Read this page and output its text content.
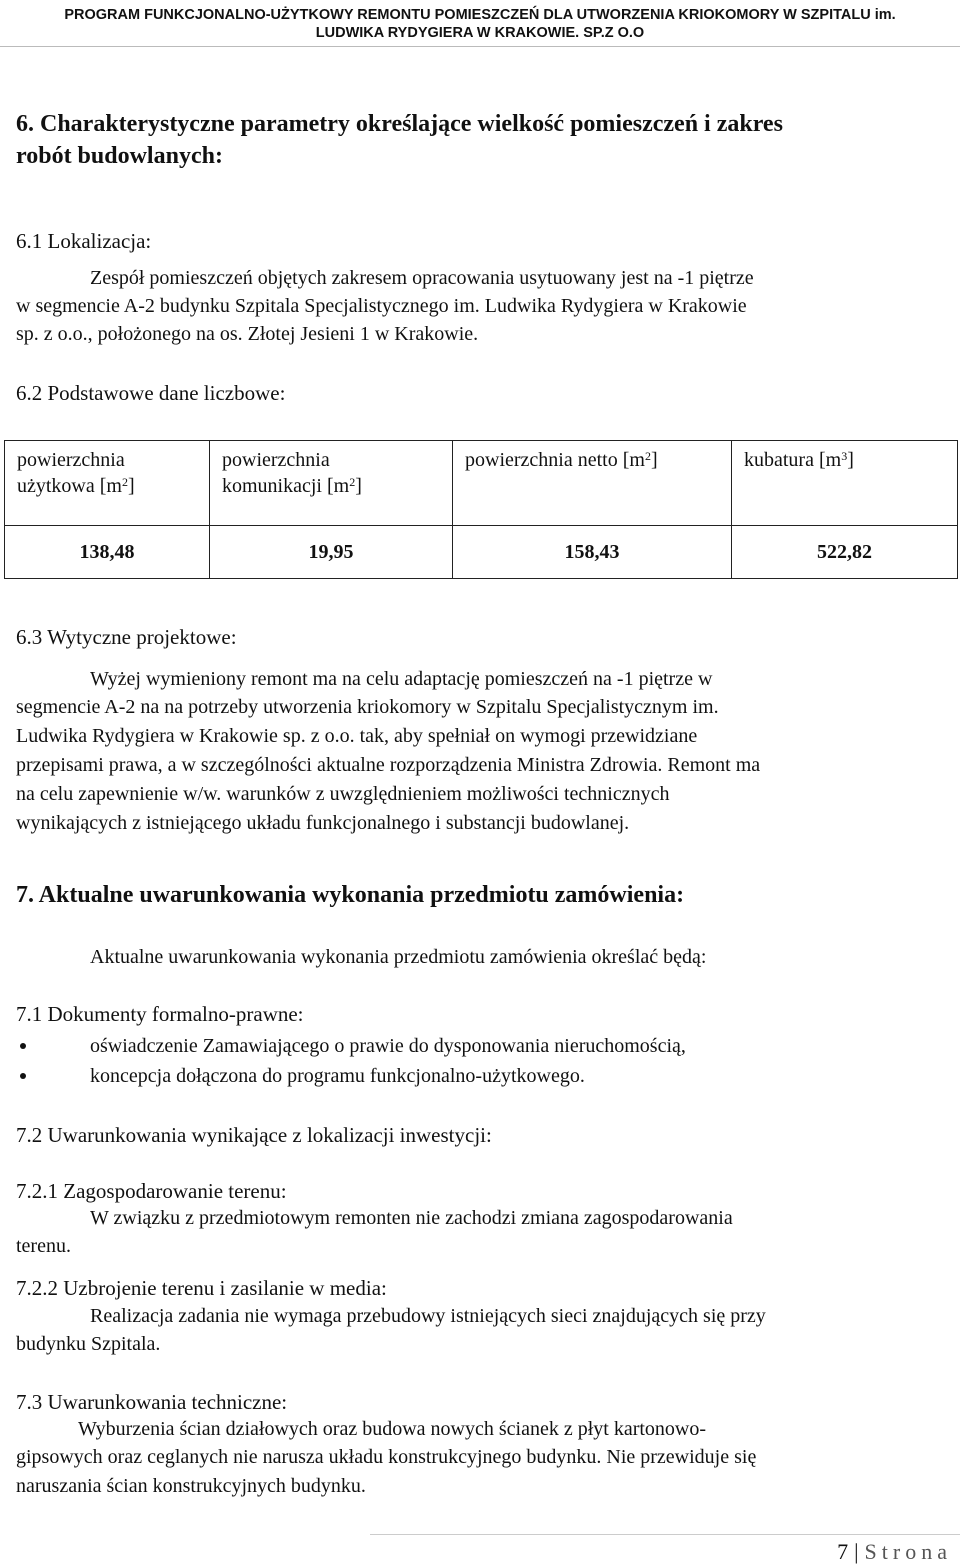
PROGRAM FUNKCJONALNO-UŻYTKOWY REMONTU POMIESZCZEŃ DLA UTWORZENIA KRIOKOMORY W SZPITALU im.
LUDWIKA RYDYGIERA W KRAKOWIE. SP.Z O.O
6. Charakterystyczne parametry określające wielkość pomieszczeń i zakres
robót budowlanych:
6.1 Lokalizacja:
Zespół pomieszczeń objętych zakresem opracowania usytuowany jest na -1 piętrze
w segmencie A-2 budynku Szpitala Specjalistycznego im. Ludwika Rydygiera w Krakowie
sp. z o.o., położonego na os. Złotej Jesieni 1 w Krakowie.
6.2 Podstawowe dane liczbowe:
powierzchnia
użytkowa $[m^2]$	powierzchnia
komunikacji $[m^2]$	powierzchnia netto $[m^2]$	kubatura $[m^3]$
138,48	19,95	158,43	522,82
6.3 Wytyczne projektowe:
Wyżej wymieniony remont ma na celu adaptację pomieszczeń na -1 piętrze w
segmencie A-2 na na potrzeby utworzenia kriokomory w Szpitalu Specjalistycznym im.
Ludwika Rydygiera w Krakowie sp. z o.o. tak, aby spełniał on wymogi przewidziane
przepisami prawa, a w szczególności aktualne rozporządzenia Ministra Zdrowia. Remont ma
na celu zapewnienie w/w. warunków z uwzględnieniem możliwości technicznych
wynikających z istniejącego układu funkcjonalnego i substancji budowlanej.
7. Aktualne uwarunkowania wykonania przedmiotu zamówienia:
Aktualne uwarunkowania wykonania przedmiotu zamówienia określać będą:
7.1 Dokumenty formalno-prawne:
oświadczenie Zamawiającego o prawie do dysponowania nieruchomością,
koncepcja dołączona do programu funkcjonalno-użytkowego.
7.2 Uwarunkowania wynikające z lokalizacji inwestycji:
7.2.1 Zagospodarowanie terenu:
W związku z przedmiotowym remonten nie zachodzi zmiana zagospodarowania
terenu.
7.2.2 Uzbrojenie terenu i zasilanie w media:
Realizacja zadania nie wymaga przebudowy istniejących sieci znajdujących się przy
budynku Szpitala.
7.3 Uwarunkowania techniczne:
Wyburzenia ścian działowych oraz budowa nowych ścianek z płyt kartonowo-
gipsowych oraz ceglanych nie narusza układu konstrukcyjnego budynku. Nie przewiduje się
naruszania ścian konstrukcyjnych budynku.
7 | Strona
